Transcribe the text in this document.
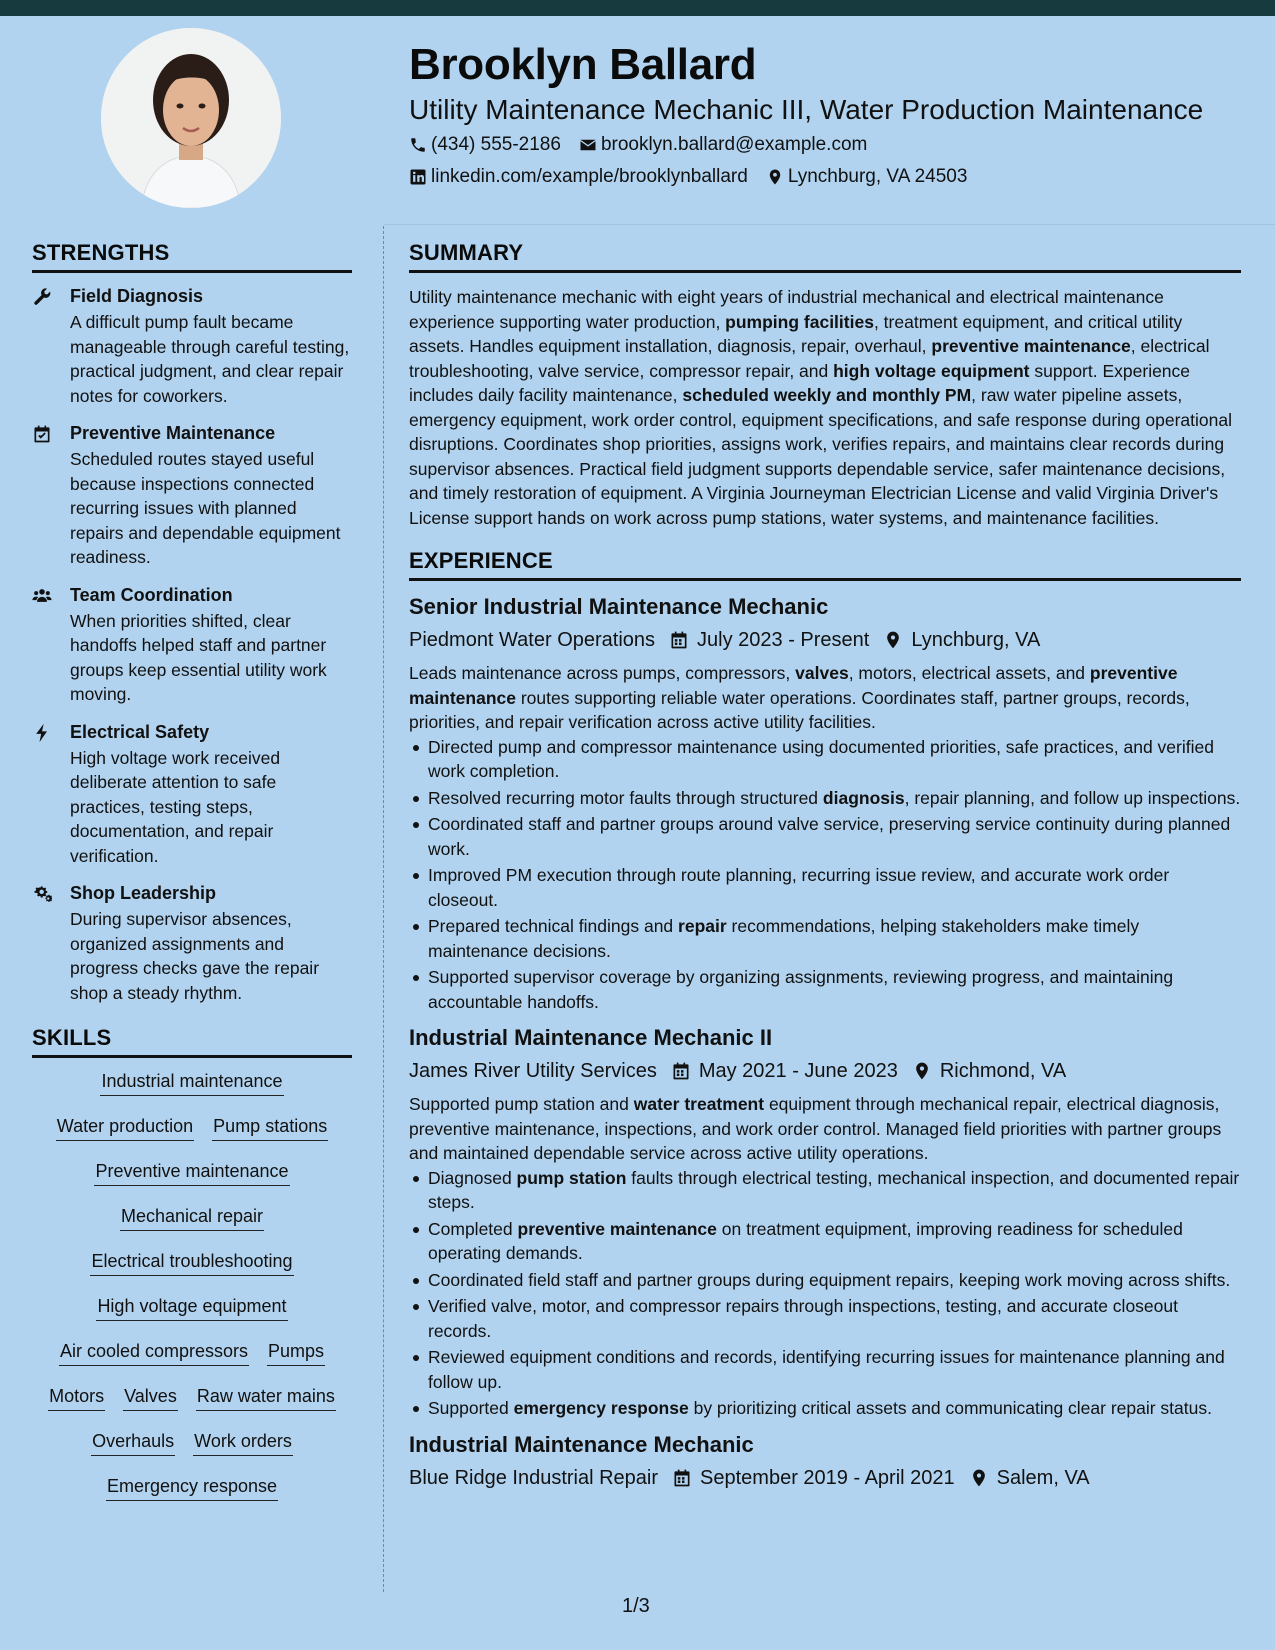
Brooklyn Ballard
Utility Maintenance Mechanic III, Water Production Maintenance
(434) 555-2186 brooklyn.ballard@example.com
linkedin.com/example/brooklynballard Lynchburg, VA 24503
STRENGTHS
Field Diagnosis
A difficult pump fault became manageable through careful testing, practical judgment, and clear repair notes for coworkers.
Preventive Maintenance
Scheduled routes stayed useful because inspections connected recurring issues with planned repairs and dependable equipment readiness.
Team Coordination
When priorities shifted, clear handoffs helped staff and partner groups keep essential utility work moving.
Electrical Safety
High voltage work received deliberate attention to safe practices, testing steps, documentation, and repair verification.
Shop Leadership
During supervisor absences, organized assignments and progress checks gave the repair shop a steady rhythm.
SKILLS
Industrial maintenance
Water production Pump stations
Preventive maintenance
Mechanical repair
Electrical troubleshooting
High voltage equipment
Air cooled compressors Pumps
Motors Valves Raw water mains
Overhauls Work orders
Emergency response
SUMMARY
Utility maintenance mechanic with eight years of industrial mechanical and electrical maintenance experience supporting water production, pumping facilities, treatment equipment, and critical utility assets. Handles equipment installation, diagnosis, repair, overhaul, preventive maintenance, electrical troubleshooting, valve service, compressor repair, and high voltage equipment support. Experience includes daily facility maintenance, scheduled weekly and monthly PM, raw water pipeline assets, emergency equipment, work order control, equipment specifications, and safe response during operational disruptions. Coordinates shop priorities, assigns work, verifies repairs, and maintains clear records during supervisor absences. Practical field judgment supports dependable service, safer maintenance decisions, and timely restoration of equipment. A Virginia Journeyman Electrician License and valid Virginia Driver's License support hands on work across pump stations, water systems, and maintenance facilities.
EXPERIENCE
Senior Industrial Maintenance Mechanic
Piedmont Water Operations July 2023 - Present Lynchburg, VA
Leads maintenance across pumps, compressors, valves, motors, electrical assets, and preventive maintenance routes supporting reliable water operations. Coordinates staff, partner groups, records, priorities, and repair verification across active utility facilities.
Directed pump and compressor maintenance using documented priorities, safe practices, and verified work completion.
Resolved recurring motor faults through structured diagnosis, repair planning, and follow up inspections.
Coordinated staff and partner groups around valve service, preserving service continuity during planned work.
Improved PM execution through route planning, recurring issue review, and accurate work order closeout.
Prepared technical findings and repair recommendations, helping stakeholders make timely maintenance decisions.
Supported supervisor coverage by organizing assignments, reviewing progress, and maintaining accountable handoffs.
Industrial Maintenance Mechanic II
James River Utility Services May 2021 - June 2023 Richmond, VA
Supported pump station and water treatment equipment through mechanical repair, electrical diagnosis, preventive maintenance, inspections, and work order control. Managed field priorities with partner groups and maintained dependable service across active utility operations.
Diagnosed pump station faults through electrical testing, mechanical inspection, and documented repair steps.
Completed preventive maintenance on treatment equipment, improving readiness for scheduled operating demands.
Coordinated field staff and partner groups during equipment repairs, keeping work moving across shifts.
Verified valve, motor, and compressor repairs through inspections, testing, and accurate closeout records.
Reviewed equipment conditions and records, identifying recurring issues for maintenance planning and follow up.
Supported emergency response by prioritizing critical assets and communicating clear repair status.
Industrial Maintenance Mechanic
Blue Ridge Industrial Repair September 2019 - April 2021 Salem, VA
1/3
